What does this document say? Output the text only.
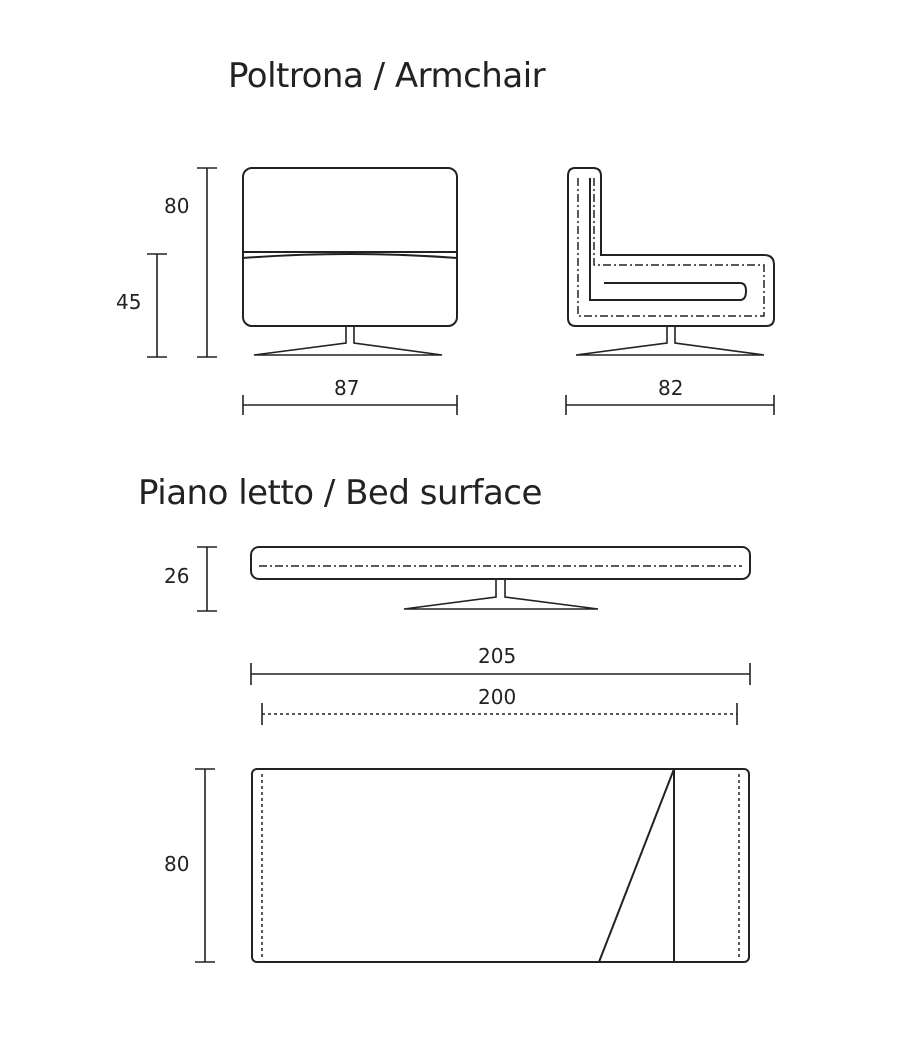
Poltrona / Armchair
Piano letto / Bed surface
80
45
87	82
26
205
200
80
